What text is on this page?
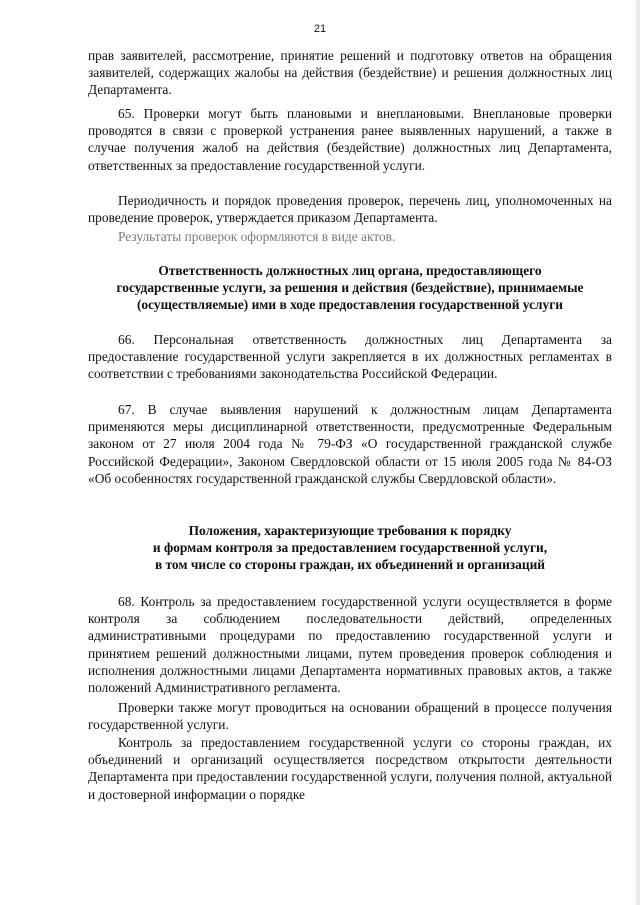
21

прав заявителей, рассмотрение, принятие решений и подготовку ответов на обращения заявителей, содержащих жалобы на действия (бездействие) и решения должностных лиц Департамента.

65. Проверки могут быть плановыми и внеплановыми. Внеплановые проверки проводятся в связи с проверкой устранения ранее выявленных нарушений, а также в случае получения жалоб на действия (бездействие) должностных лиц Департамента, ответственных за предоставление государственной услуги.

Периодичность и порядок проведения проверок, перечень лиц, уполномоченных на проведение проверок, утверждается приказом Департамента.

Результаты проверок оформляются в виде актов.

Ответственность должностных лиц органа, предоставляющего
государственные услуги, за решения и действия (бездействие), принимаемые
(осуществляемые) ими в ходе предоставления государственной услуги

66. Персональная ответственность должностных лиц Департамента за предоставление государственной услуги закрепляется в их должностных регламентах в соответствии с требованиями законодательства Российской Федерации.

67. В случае выявления нарушений к должностным лицам Департамента применяются меры дисциплинарной ответственности, предусмотренные Федеральным законом от 27 июля 2004 года № 79-ФЗ «О государственной гражданской службе Российской Федерации», Законом Свердловской области от 15 июля 2005 года № 84-ОЗ «Об особенностях государственной гражданской службы Свердловской области».

Положения, характеризующие требования к порядку
и формам контроля за предоставлением государственной услуги,
в том числе со стороны граждан, их объединений и организаций

68. Контроль за предоставлением государственной услуги осуществляется в форме контроля за соблюдением последовательности действий, определенных административными процедурами по предоставлению государственной услуги и принятием решений должностными лицами, путем проведения проверок соблюдения и исполнения должностными лицами Департамента нормативных правовых актов, а также положений Административного регламента.

Проверки также могут проводиться на основании обращений в процессе получения государственной услуги.

Контроль за предоставлением государственной услуги со стороны граждан, их объединений и организаций осуществляется посредством открытости деятельности Департамента при предоставлении государственной услуги, получения полной, актуальной и достоверной информации о порядке
